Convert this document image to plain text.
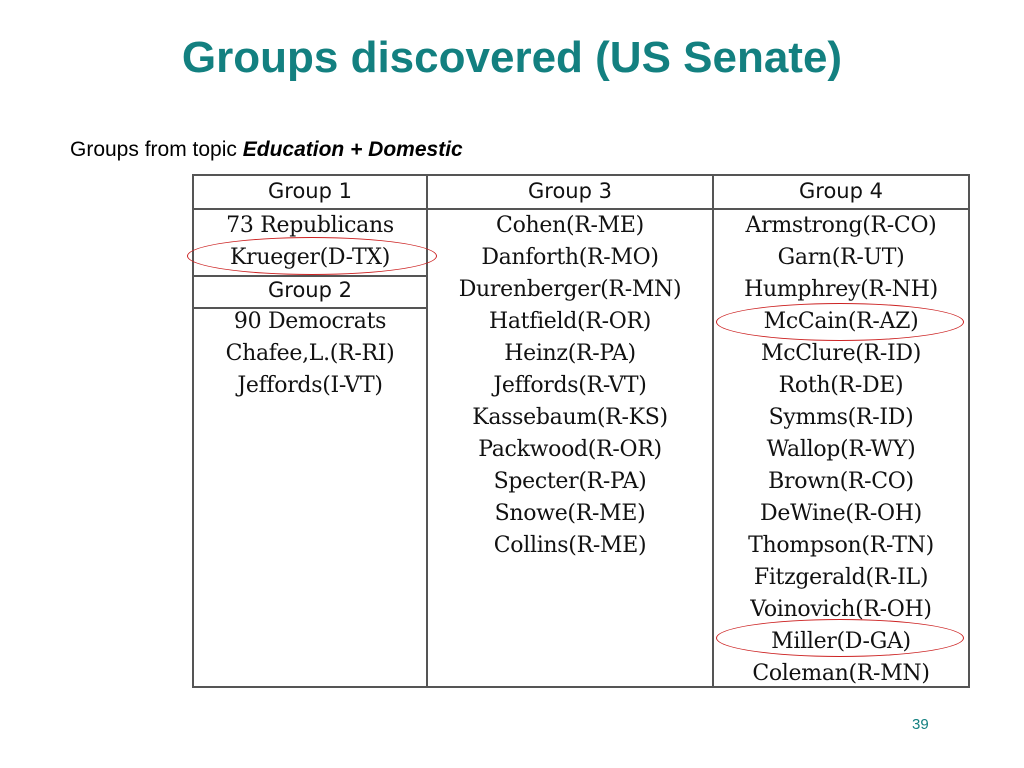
Groups discovered (US Senate)
Groups from topic Education + Domestic
Group 1
73 Republicans
Krueger(D-TX)
Group 2
90 Democrats
Chafee,L.(R-RI)
Jeffords(I-VT)
Group 3
Cohen(R-ME)
Danforth(R-MO)
Durenberger(R-MN)
Hatfield(R-OR)
Heinz(R-PA)
Jeffords(R-VT)
Kassebaum(R-KS)
Packwood(R-OR)
Specter(R-PA)
Snowe(R-ME)
Collins(R-ME)
Group 4
Armstrong(R-CO)
Garn(R-UT)
Humphrey(R-NH)
McCain(R-AZ)
McClure(R-ID)
Roth(R-DE)
Symms(R-ID)
Wallop(R-WY)
Brown(R-CO)
DeWine(R-OH)
Thompson(R-TN)
Fitzgerald(R-IL)
Voinovich(R-OH)
Miller(D-GA)
Coleman(R-MN)
39
